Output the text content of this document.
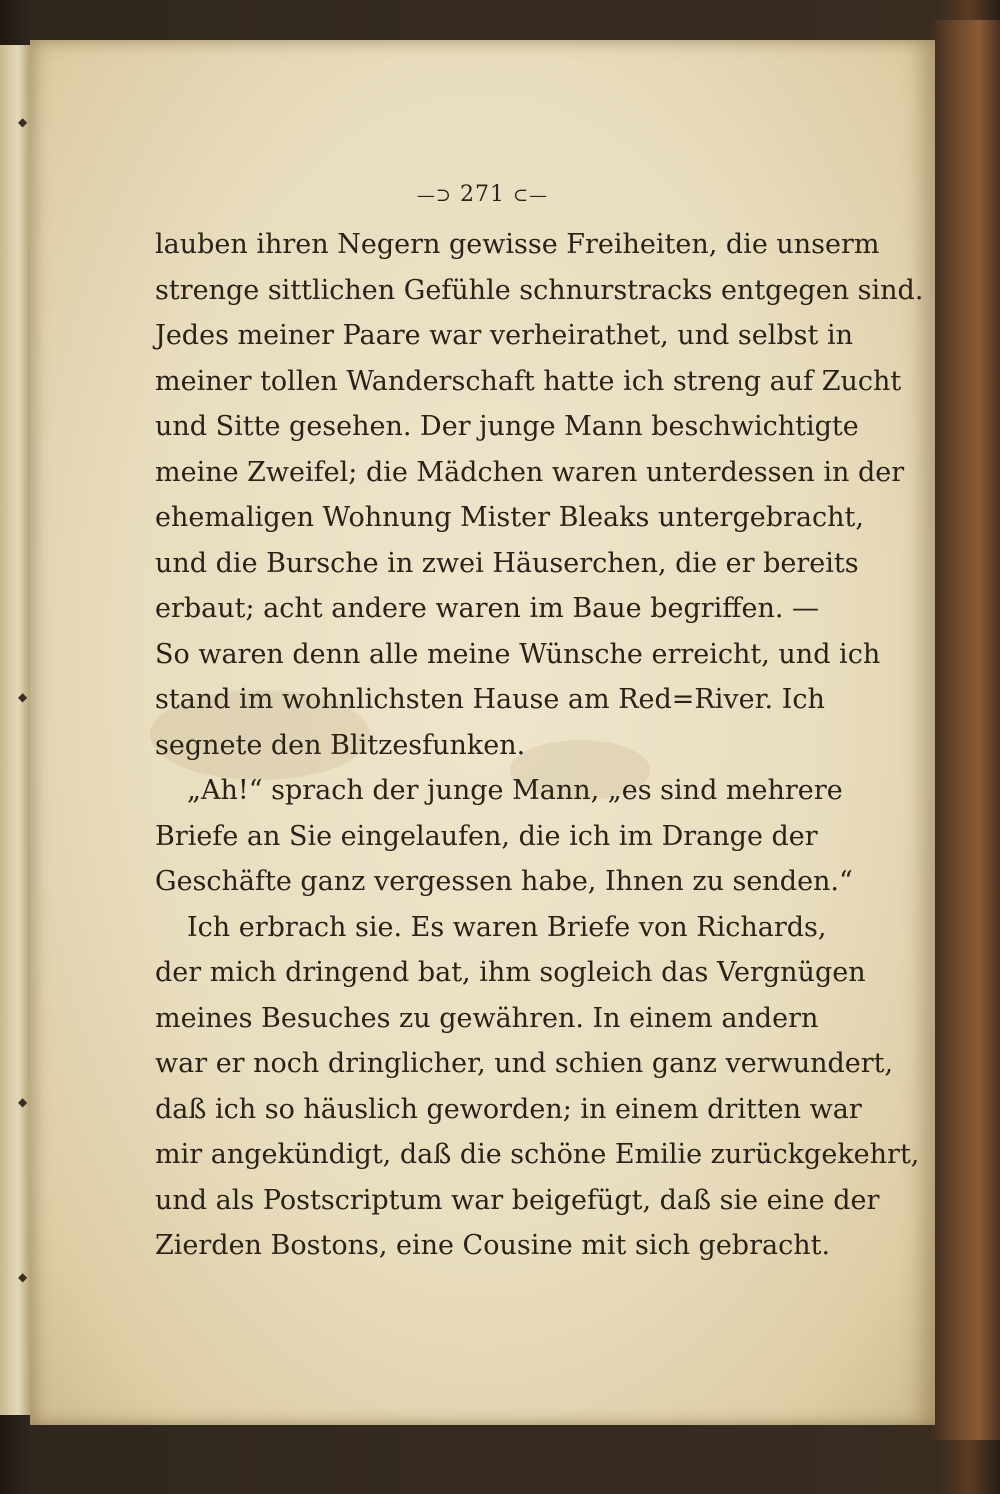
—⊃ 271 ⊂—
lauben ihren Negern gewisse Freiheiten, die unserm
strenge sittlichen Gefühle schnurstracks entgegen sind.
Jedes meiner Paare war verheirathet, und selbst in
meiner tollen Wanderschaft hatte ich streng auf Zucht
und Sitte gesehen. Der junge Mann beschwichtigte
meine Zweifel; die Mädchen waren unterdessen in der
ehemaligen Wohnung Mister Bleaks untergebracht,
und die Bursche in zwei Häuserchen, die er bereits
erbaut; acht andere waren im Baue begriffen. —
So waren denn alle meine Wünsche erreicht, und ich
stand im wohnlichsten Hause am Red=River. Ich
segnete den Blitzesfunken.
„Ah!“ sprach der junge Mann, „es sind mehrere
Briefe an Sie eingelaufen, die ich im Drange der
Geschäfte ganz vergessen habe, Ihnen zu senden.“
Ich erbrach sie. Es waren Briefe von Richards,
der mich dringend bat, ihm sogleich das Vergnügen
meines Besuches zu gewähren. In einem andern
war er noch dringlicher, und schien ganz verwundert,
daß ich so häuslich geworden; in einem dritten war
mir angekündigt, daß die schöne Emilie zurückgekehrt,
und als Postscriptum war beigefügt, daß sie eine der
Zierden Bostons, eine Cousine mit sich gebracht.
◆
◆
◆
◆
